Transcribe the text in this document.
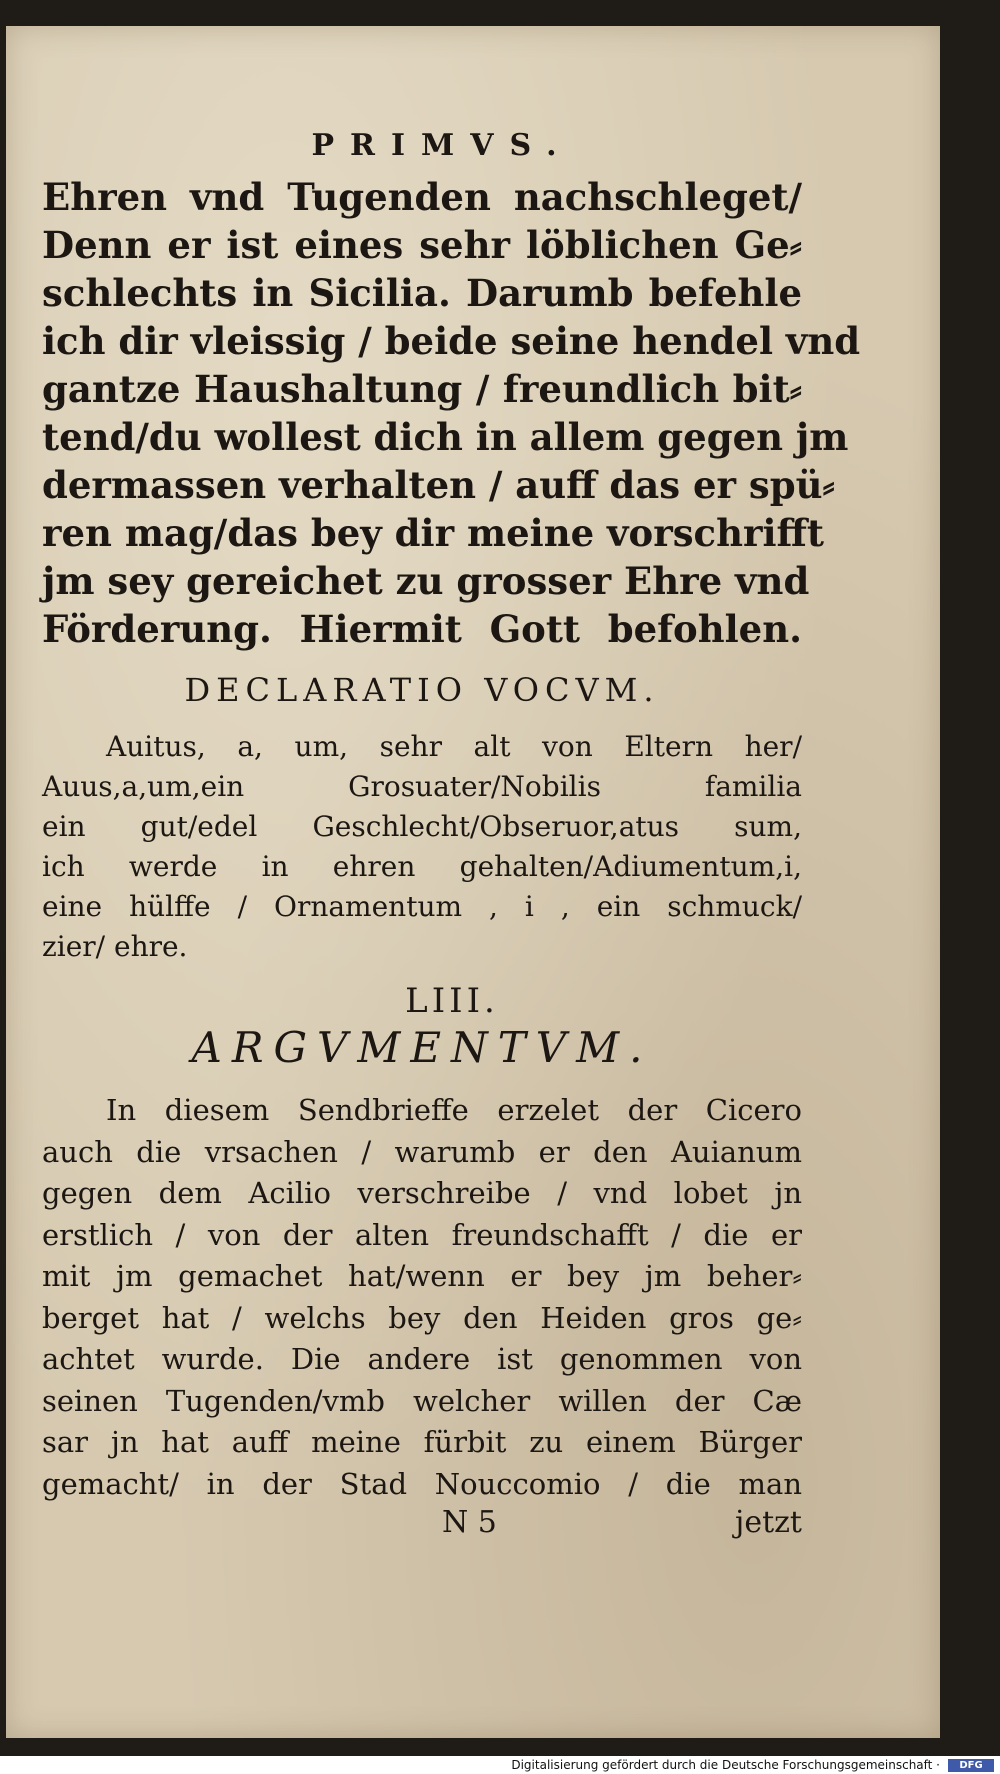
PRIMVS.
Ehren vnd Tugenden nachschleget/
Denn er ist eines sehr löblichen Ge⸗
schlechts in Sicilia. Darumb befehle
ich dir vleissig / beide seine hendel vnd
gantze Haushaltung / freundlich bit⸗
tend/du wollest dich in allem gegen jm
dermassen verhalten / auff das er spü⸗
ren mag/das bey dir meine vorschrifft
jm sey gereichet zu grosser Ehre vnd
Förderung. Hiermit Gott befohlen.
DECLARATIO VOCVM.
Auitus, a, um, sehr alt von Eltern her/
Auus,a,um,ein Grosuater/Nobilis familia
ein gut/edel Geschlecht/Obseruor,atus sum,
ich werde in ehren gehalten/Adiumentum,i,
eine hülffe / Ornamentum , i , ein schmuck/
zier/ ehre.
LIII.
ARGVMENTVM.
In diesem Sendbrieffe erzelet der Cicero
auch die vrsachen / warumb er den Auianum
gegen dem Acilio verschreibe / vnd lobet jn
erstlich / von der alten freundschafft / die er
mit jm gemachet hat/wenn er bey jm beher⸗
berget hat / welchs bey den Heiden gros ge⸗
achtet wurde. Die andere ist genommen von
seinen Tugenden/vmb welcher willen der Cæ
sar jn hat auff meine fürbit zu einem Bürger
gemacht/ in der Stad Nouccomio / die man
N 5	jetzt
Digitalisierung gefördert durch die Deutsche Forschungsgemeinschaft ·	DFG
